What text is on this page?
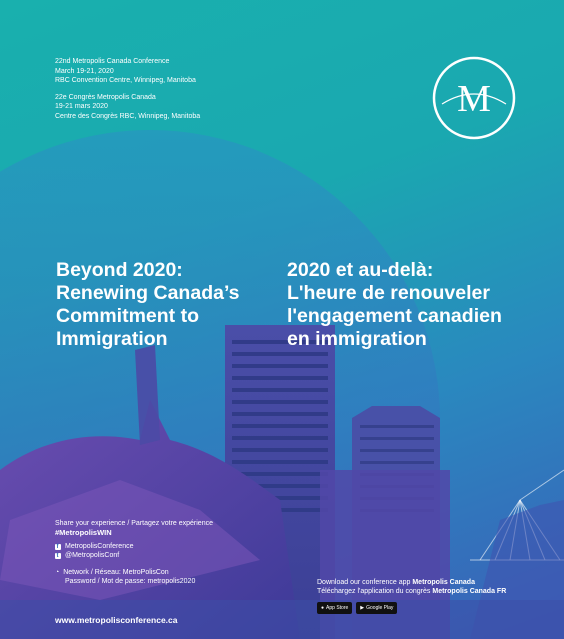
22nd Metropolis Canada Conference
March 19-21, 2020
RBC Convention Centre, Winnipeg, Manitoba
22e Congrès Metropolis Canada
19-21 mars 2020
Centre des Congrès RBC, Winnipeg, Manitoba	M
Beyond 2020:
Renewing Canada’s
Commitment to
Immigration
2020 et au-delà:
L'heure de renouveler
l'engagement canadien
en immigration
Share your experience / Partagez votre expérience
#MetropolisWIN
f MetropolisConference
t @MetropolisConf
◔ Network / Réseau: MetroPolisCon
Password / Mot de passe: metropolis2020
www.metropolisconference.ca
Download our conference app Metropolis Canada
Téléchargez l'application du congrès Metropolis Canada FR
● App Store ▶ Google Play
